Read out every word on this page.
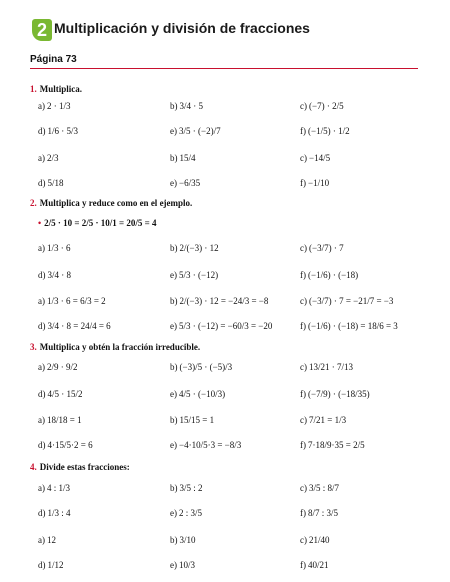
2 Multiplicación y división de fracciones
Página 73
1. Multiplica.
a) 2 · 1/3	b) 3/4 · 5	c) (−7) · 2/5
d) 1/6 · 5/3	e) 3/5 · (−2)/7	f) (−1/5) · 1/2
a) 2/3	b) 15/4	c) −14/5
d) 5/18	e) −6/35	f) −1/10
2. Multiplica y reduce como en el ejemplo.
• 2/5 · 10 = 2/5 · 10/1 = 20/5 = 4
a) 1/3 · 6	b) 2/(−3) · 12	c) (−3/7) · 7
d) 3/4 · 8	e) 5/3 · (−12)	f) (−1/6) · (−18)
a) 1/3 · 6 = 6/3 = 2	b) 2/(−3) · 12 = −24/3 = −8	c) (−3/7) · 7 = −21/7 = −3
d) 3/4 · 8 = 24/4 = 6	e) 5/3 · (−12) = −60/3 = −20	f) (−1/6) · (−18) = 18/6 = 3
3. Multiplica y obtén la fracción irreducible.
a) 2/9 · 9/2	b) (−3)/5 · (−5)/3	c) 13/21 · 7/13
d) 4/5 · 15/2	e) 4/5 · (−10/3)	f) (−7/9) · (−18/35)
a) 18/18 = 1	b) 15/15 = 1	c) 7/21 = 1/3
d) 4·15/5·2 = 6	e) −4·10/5·3 = −8/3	f) 7·18/9·35 = 2/5
4. Divide estas fracciones:
a) 4 : 1/3	b) 3/5 : 2	c) 3/5 : 8/7
d) 1/3 : 4	e) 2 : 3/5	f) 8/7 : 3/5
a) 12	b) 3/10	c) 21/40
d) 1/12	e) 10/3	f) 40/21
